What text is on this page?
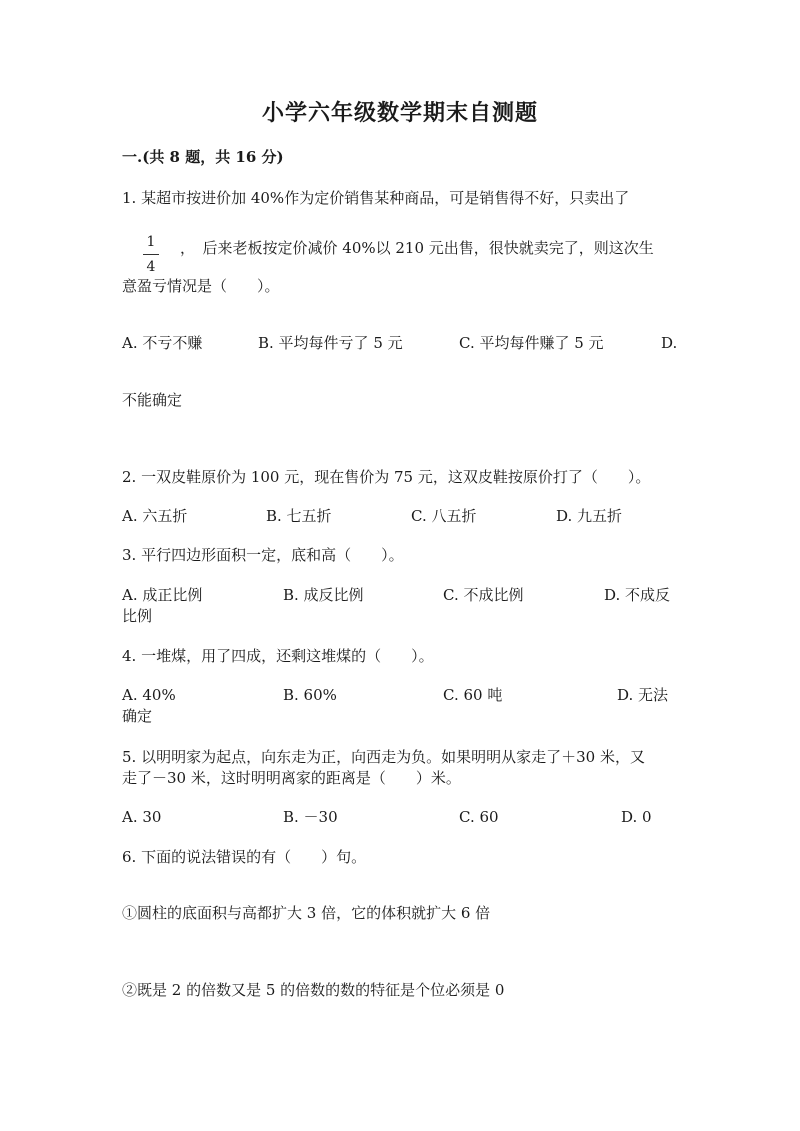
小学六年级数学期末自测题
一.(共 8 题，共 16 分)
1. 某超市按进价加 40%作为定价销售某种商品，可是销售得不好，只卖出了
1
4
，　后来老板按定价减价 40%以 210 元出售，很快就卖完了，则这次生
意盈亏情况是（　　）。
A. 不亏不赚	B. 平均每件亏了 5 元	C. 平均每件赚了 5 元	D.
不能确定
2. 一双皮鞋原价为 100 元，现在售价为 75 元，这双皮鞋按原价打了（　　）。
A. 六五折	B. 七五折	C. 八五折	D. 九五折
3. 平行四边形面积一定，底和高（　　）。
A. 成正比例	B. 成反比例	C. 不成比例	D. 不成反
比例
4. 一堆煤，用了四成，还剩这堆煤的（　　）。
A. 40%	B. 60%	C. 60 吨	D. 无法
确定
5. 以明明家为起点，向东走为正，向西走为负。如果明明从家走了＋30 米，又
走了－30 米，这时明明离家的距离是（　　）米。
A. 30	B. －30	C. 60	D. 0
6. 下面的说法错误的有（　　）句。
①圆柱的底面积与高都扩大 3 倍，它的体积就扩大 6 倍
②既是 2 的倍数又是 5 的倍数的数的特征是个位必须是 0
